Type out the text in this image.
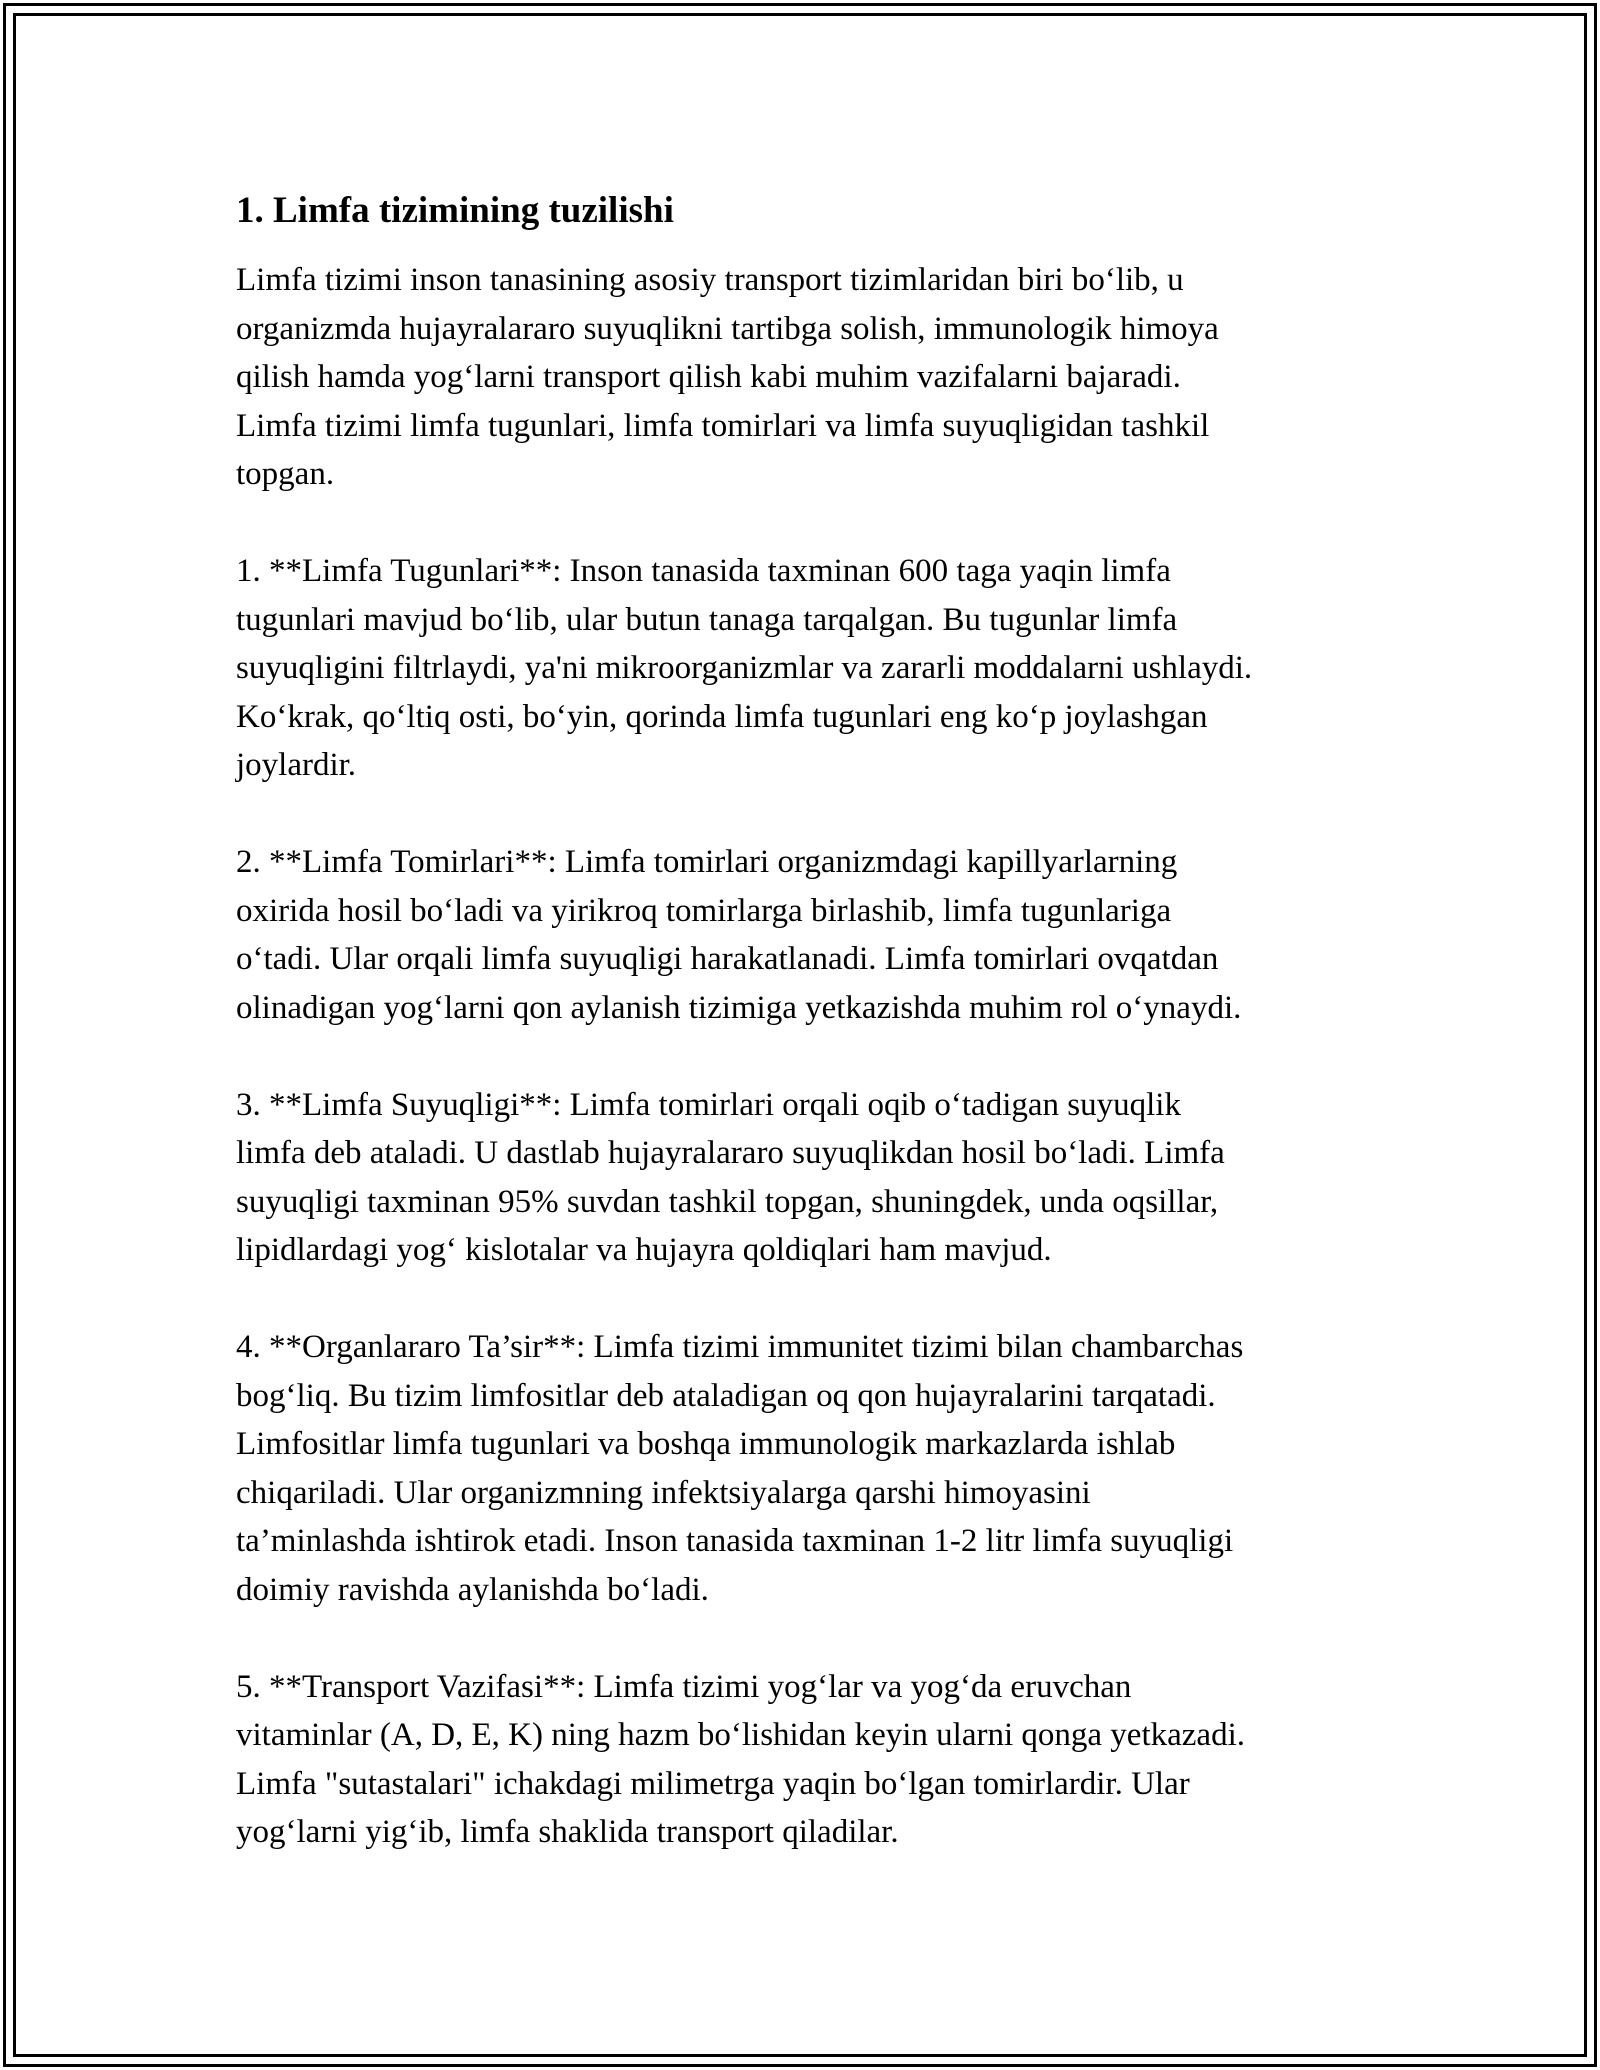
1. Limfa tizimining tuzilishi

Limfa tizimi inson tanasining asosiy transport tizimlaridan biri bo‘lib, u
organizmda hujayralararo suyuqlikni tartibga solish, immunologik himoya
qilish hamda yog‘larni transport qilish kabi muhim vazifalarni bajaradi.
Limfa tizimi limfa tugunlari, limfa tomirlari va limfa suyuqligidan tashkil
topgan.

1. **Limfa Tugunlari**: Inson tanasida taxminan 600 taga yaqin limfa
tugunlari mavjud bo‘lib, ular butun tanaga tarqalgan. Bu tugunlar limfa
suyuqligini filtrlaydi, ya'ni mikroorganizmlar va zararli moddalarni ushlaydi.
Ko‘krak, qo‘ltiq osti, bo‘yin, qorinda limfa tugunlari eng ko‘p joylashgan
joylardir.

2. **Limfa Tomirlari**: Limfa tomirlari organizmdagi kapillyarlarning
oxirida hosil bo‘ladi va yirikroq tomirlarga birlashib, limfa tugunlariga
o‘tadi. Ular orqali limfa suyuqligi harakatlanadi. Limfa tomirlari ovqatdan
olinadigan yog‘larni qon aylanish tizimiga yetkazishda muhim rol o‘ynaydi.

3. **Limfa Suyuqligi**: Limfa tomirlari orqali oqib o‘tadigan suyuqlik
limfa deb ataladi. U dastlab hujayralararo suyuqlikdan hosil bo‘ladi. Limfa
suyuqligi taxminan 95% suvdan tashkil topgan, shuningdek, unda oqsillar,
lipidlardagi yog‘ kislotalar va hujayra qoldiqlari ham mavjud.

4. **Organlararo Ta’sir**: Limfa tizimi immunitet tizimi bilan chambarchas
bog‘liq. Bu tizim limfositlar deb ataladigan oq qon hujayralarini tarqatadi.
Limfositlar limfa tugunlari va boshqa immunologik markazlarda ishlab
chiqariladi. Ular organizmning infektsiyalarga qarshi himoyasini
ta’minlashda ishtirok etadi. Inson tanasida taxminan 1-2 litr limfa suyuqligi
doimiy ravishda aylanishda bo‘ladi.

5. **Transport Vazifasi**: Limfa tizimi yog‘lar va yog‘da eruvchan
vitaminlar (A, D, E, K) ning hazm bo‘lishidan keyin ularni qonga yetkazadi.
Limfa "sutastalari" ichakdagi milimetrga yaqin bo‘lgan tomirlardir. Ular
yog‘larni yig‘ib, limfa shaklida transport qiladilar.
